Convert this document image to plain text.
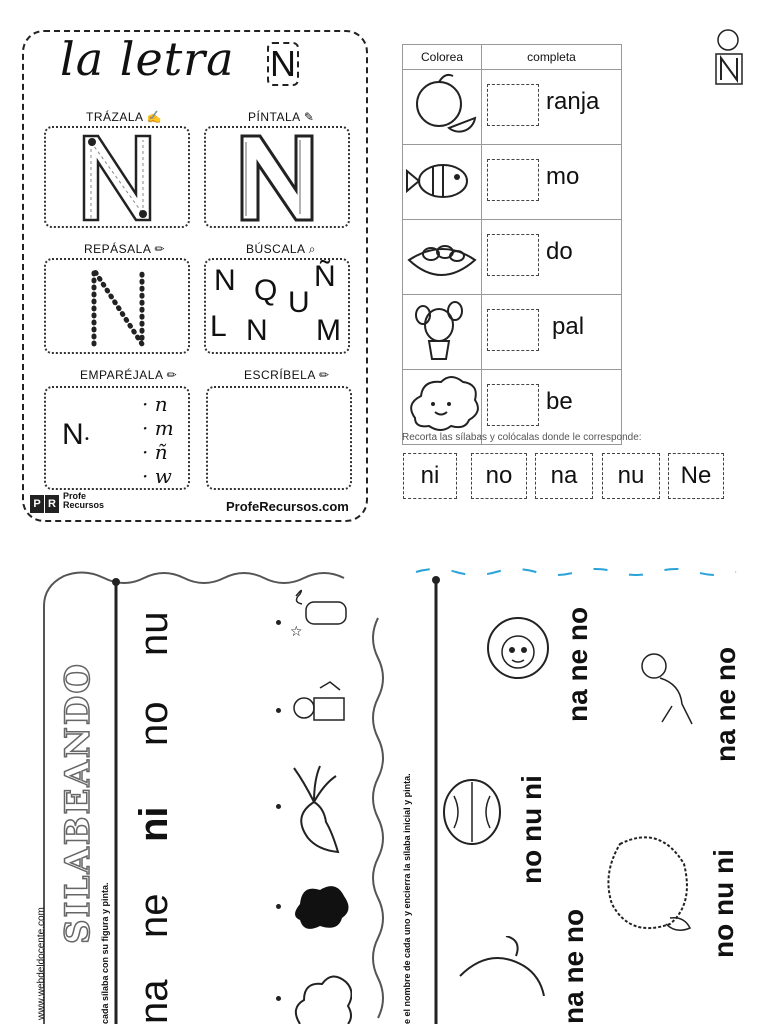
la letra N
TRÁZALA ✍	PÍNTALA ✎
REPÁSALA ✏	BÚSCALA ⌕
N Q Ñ
U
L N M
EMPARÉJALA ✏
N •
· n
· m
· ñ
· w
ESCRÍBELA ✏
P RProfe
Recursos	ProfeRecursos.com
Colorea	completa

ranja

mo

do

pal

be
Recorta las sílabas y colócalas donde le corresponde:
ni	no	na	nu	Ne
www.webdeldocente.com
SILABEANDO
cada sílaba con su figura y pinta. na
ne
ni
no
nu	☆
e el nombre de cada uno y encierra la sílaba inicial y pinta.
na ne no
no nu ni
na ne no
na ne no
no nu ni
